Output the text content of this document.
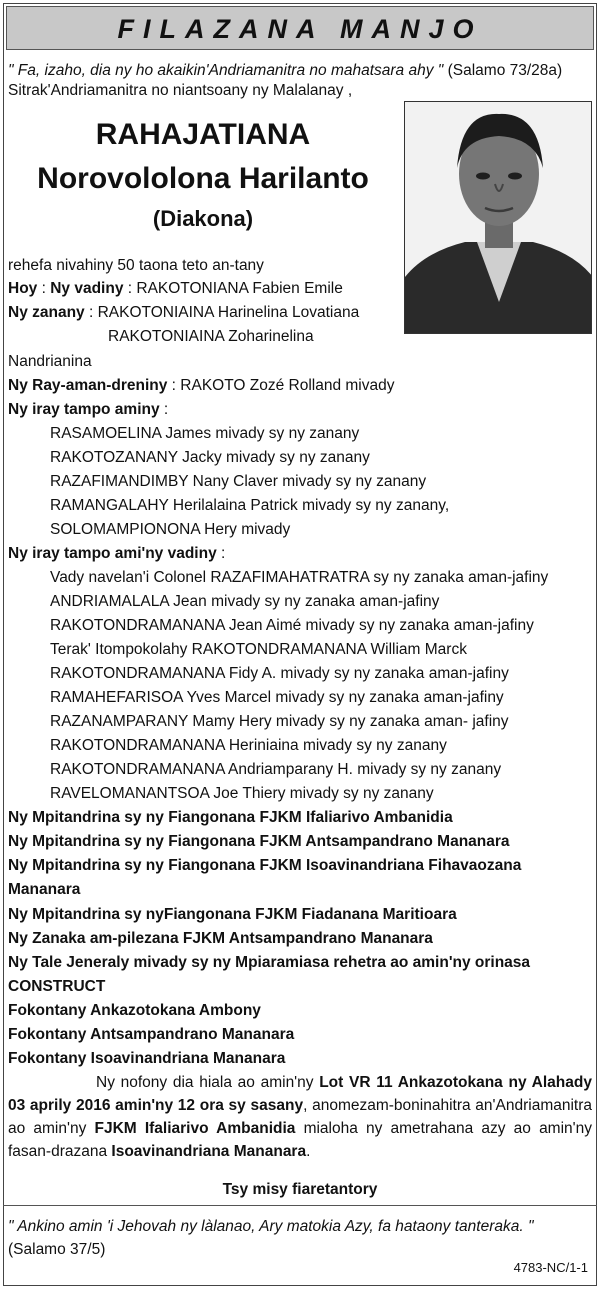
FILAZANA MANJO
" Fa, izaho, dia ny ho akaikin'Andriamanitra no mahatsara ahy " (Salamo 73/28a)
Sitrak'Andriamanitra no niantsoany ny Malalanay ,
RAHAJATIANA
Norovololona Harilanto
(Diakona)
rehefa nivahiny 50 taona teto an-tany
Hoy : Ny vadiny : RAKOTONIANA Fabien Emile
Ny zanany : RAKOTONIAINA Harinelina Lovatiana
RAKOTONIAINA Zoharinelina
Nandrianina
Ny Ray-aman-dreniny : RAKOTO Zozé Rolland mivady
Ny iray tampo aminy :
RASAMOELINA James mivady sy ny zanany
RAKOTOZANANY Jacky mivady sy ny zanany
RAZAFIMANDIMBY Nany Claver mivady sy ny zanany
RAMANGALAHY Herilalaina Patrick mivady sy ny zanany,
SOLOMAMPIONONA Hery mivady
Ny iray tampo ami'ny vadiny :
Vady navelan'i Colonel RAZAFIMAHATRATRA sy ny zanaka aman-jafiny
ANDRIAMALALA Jean mivady sy ny zanaka aman-jafiny
RAKOTONDRAMANANA Jean Aimé mivady sy ny zanaka aman-jafiny
Terak' Itompokolahy RAKOTONDRAMANANA William Marck
RAKOTONDRAMANANA Fidy A. mivady sy ny zanaka aman-jafiny
RAMAHEFARISOA Yves Marcel mivady sy ny zanaka aman-jafiny
RAZANAMPARANY Mamy Hery mivady sy ny zanaka aman- jafiny
RAKOTONDRAMANANA Heriniaina mivady sy ny zanany
RAKOTONDRAMANANA Andriamparany H. mivady sy ny zanany
RAVELOMANANTSOA Joe Thiery mivady sy ny zanany
Ny Mpitandrina sy ny Fiangonana FJKM Ifaliarivo Ambanidia
Ny Mpitandrina sy ny Fiangonana FJKM Antsampandrano Mananara
Ny Mpitandrina sy ny Fiangonana FJKM Isoavinandriana Fihavaozana
Mananara
Ny Mpitandrina sy nyFiangonana FJKM Fiadanana Maritioara
Ny Zanaka am-pilezana FJKM Antsampandrano Mananara
Ny Tale Jeneraly mivady sy ny Mpiaramiasa rehetra ao amin'ny orinasa
CONSTRUCT
Fokontany Ankazotokana Ambony
Fokontany Antsampandrano Mananara
Fokontany Isoavinandriana Mananara
Ny nofony dia hiala ao amin'ny Lot VR 11 Ankazotokana ny Alahady 03 aprily 2016 amin'ny 12 ora sy sasany, anomezam-boninahitra an'Andriamanitra ao amin'ny FJKM Ifaliarivo Ambanidia mialoha ny ametrahana azy ao amin'ny fasan-drazana Isoavinandriana Mananara.
Tsy misy fiaretantory
" Ankino amin 'i Jehovah ny làlanao, Ary matokia Azy, fa hataony tanteraka. "
(Salamo 37/5)
4783-NC/1-1
